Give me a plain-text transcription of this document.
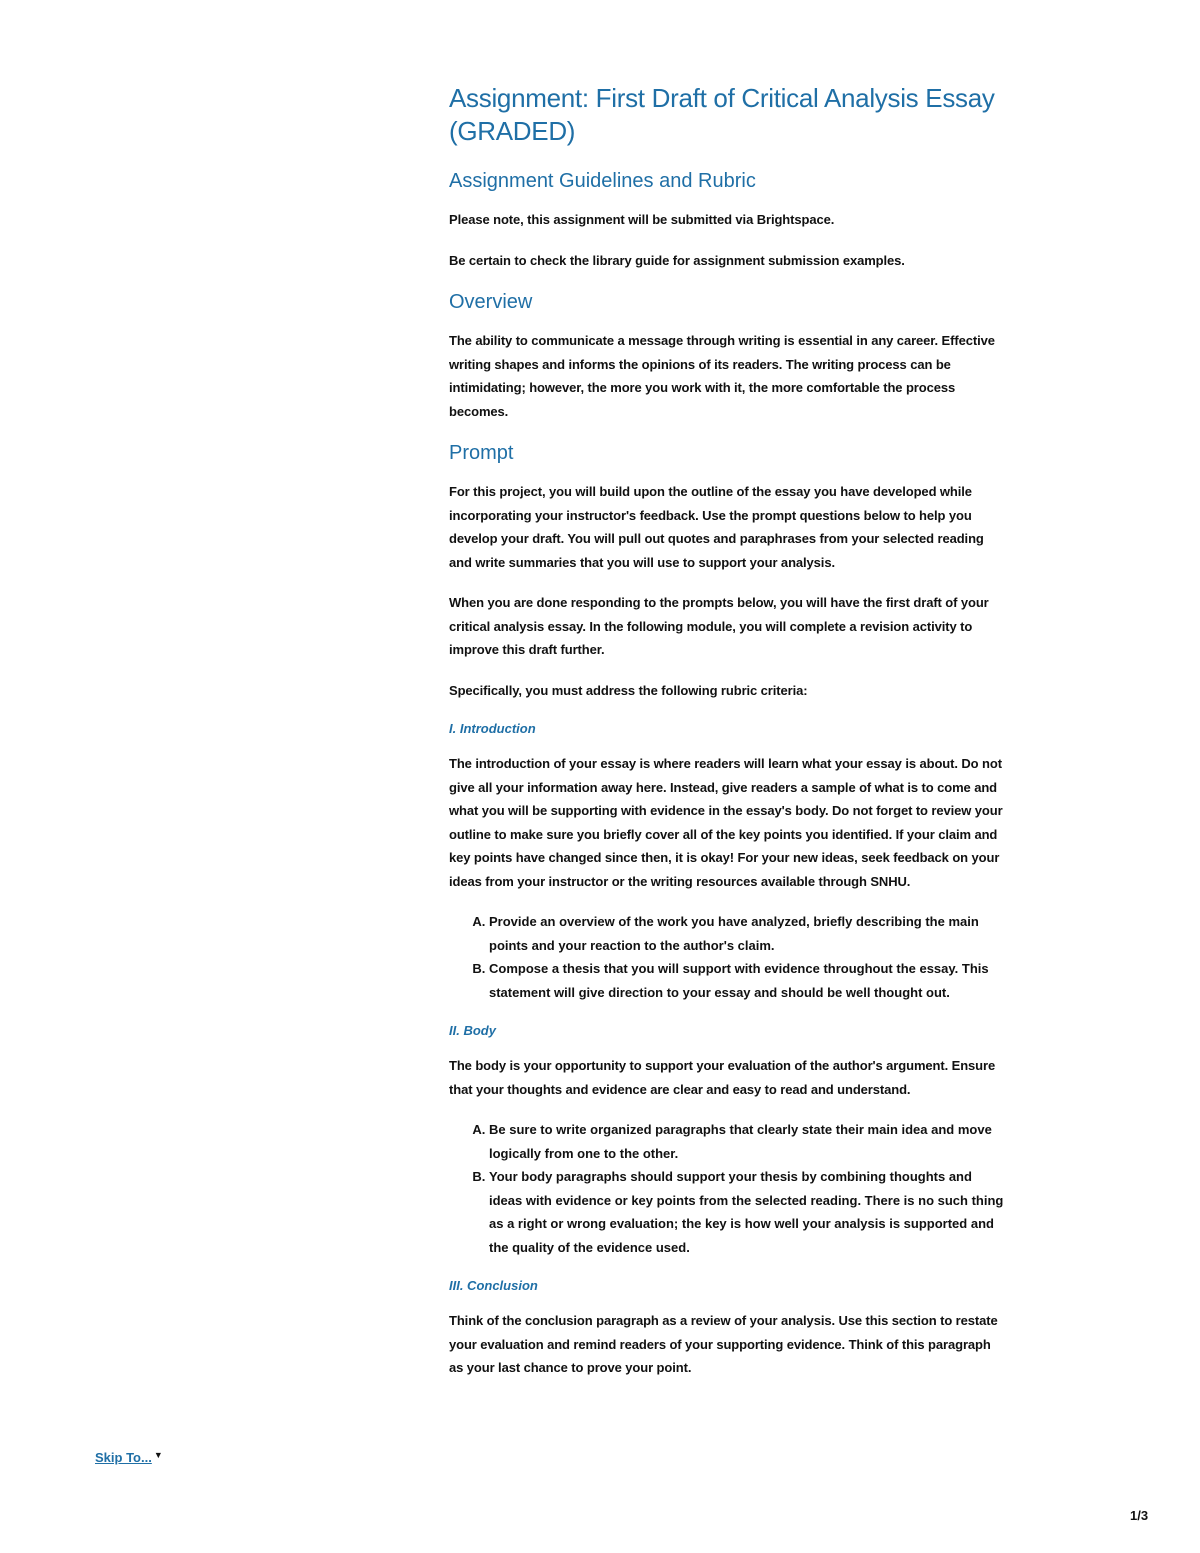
Assignment: First Draft of Critical Analysis Essay (GRADED)
Assignment Guidelines and Rubric

Please note, this assignment will be submitted via Brightspace.

Be certain to check the library guide for assignment submission examples.

Overview

The ability to communicate a message through writing is essential in any career. Effective writing shapes and informs the opinions of its readers. The writing process can be intimidating; however, the more you work with it, the more comfortable the process becomes.

Prompt

For this project, you will build upon the outline of the essay you have developed while incorporating your instructor's feedback. Use the prompt questions below to help you develop your draft. You will pull out quotes and paraphrases from your selected reading and write summaries that you will use to support your analysis.

When you are done responding to the prompts below, you will have the first draft of your critical analysis essay. In the following module, you will complete a revision activity to improve this draft further.

Specifically, you must address the following rubric criteria:

I. Introduction

The introduction of your essay is where readers will learn what your essay is about. Do not give all your information away here. Instead, give readers a sample of what is to come and what you will be supporting with evidence in the essay's body. Do not forget to review your outline to make sure you briefly cover all of the key points you identified. If your claim and key points have changed since then, it is okay! For your new ideas, seek feedback on your ideas from your instructor or the writing resources available through SNHU.

A. Provide an overview of the work you have analyzed, briefly describing the main points and your reaction to the author's claim.
B. Compose a thesis that you will support with evidence throughout the essay. This statement will give direction to your essay and should be well thought out.
II. Body

The body is your opportunity to support your evaluation of the author's argument. Ensure that your thoughts and evidence are clear and easy to read and understand.

A. Be sure to write organized paragraphs that clearly state their main idea and move logically from one to the other.
B. Your body paragraphs should support your thesis by combining thoughts and ideas with evidence or key points from the selected reading. There is no such thing as a right or wrong evaluation; the key is how well your analysis is supported and the quality of the evidence used.
III. Conclusion

Think of the conclusion paragraph as a review of your analysis. Use this section to restate your evaluation and remind readers of your supporting evidence. Think of this paragraph as your last chance to prove your point.

Skip To... ▼
1/3
